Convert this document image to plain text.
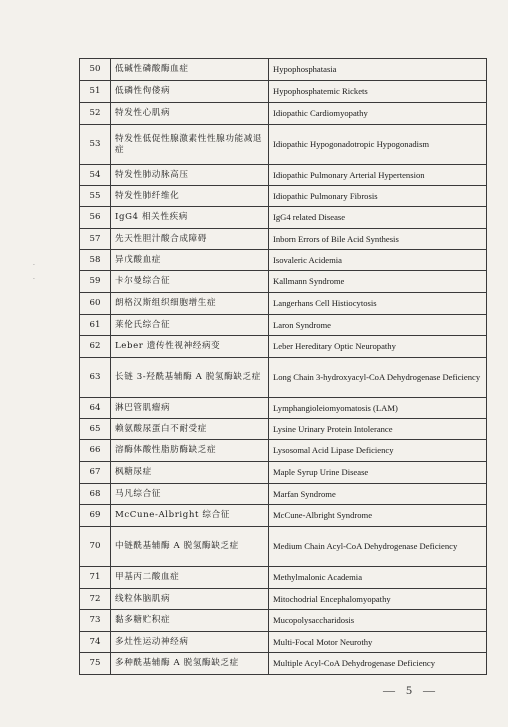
·
·
50	低碱性磷酸酶血症	Hypophosphatasia
51	低磷性佝偻病	Hypophosphatemic Rickets
52	特发性心肌病	Idiopathic Cardiomyopathy
53	特发性低促性腺激素性性腺功能减退症	Idiopathic Hypogonadotropic Hypogonadism
54	特发性肺动脉高压	Idiopathic Pulmonary Arterial Hypertension
55	特发性肺纤维化	Idiopathic Pulmonary Fibrosis
56	IgG4 相关性疾病	IgG4 related Disease
57	先天性胆汁酸合成障碍	Inborn Errors of Bile Acid Synthesis
58	异戊酸血症	Isovaleric Acidemia
59	卡尔曼综合征	Kallmann Syndrome
60	朗格汉斯组织细胞增生症	Langerhans Cell Histiocytosis
61	莱伦氏综合征	Laron Syndrome
62	Leber 遗传性视神经病变	Leber Hereditary Optic Neuropathy
63	长链 3-羟酰基辅酶 A 脱氢酶缺乏症	Long Chain 3-hydroxyacyl-CoA Dehydrogenase Deficiency
64	淋巴管肌瘤病	Lymphangioleiomyomatosis (LAM)
65	赖氨酸尿蛋白不耐受症	Lysine Urinary Protein Intolerance
66	溶酶体酸性脂肪酶缺乏症	Lysosomal Acid Lipase Deficiency
67	枫糖尿症	Maple Syrup Urine Disease
68	马凡综合征	Marfan Syndrome
69	McCune-Albright 综合征	McCune-Albright Syndrome
70	中链酰基辅酶 A 脱氢酶缺乏症	Medium Chain Acyl-CoA Dehydrogenase Deficiency
71	甲基丙二酸血症	Methylmalonic Academia
72	线粒体脑肌病	Mitochodrial Encephalomyopathy
73	黏多糖贮积症	Mucopolysaccharidosis
74	多灶性运动神经病	Multi-Focal Motor Neurothy
75	多种酰基辅酶 A 脱氢酶缺乏症	Multiple Acyl-CoA Dehydrogenase Deficiency
— 5 —
